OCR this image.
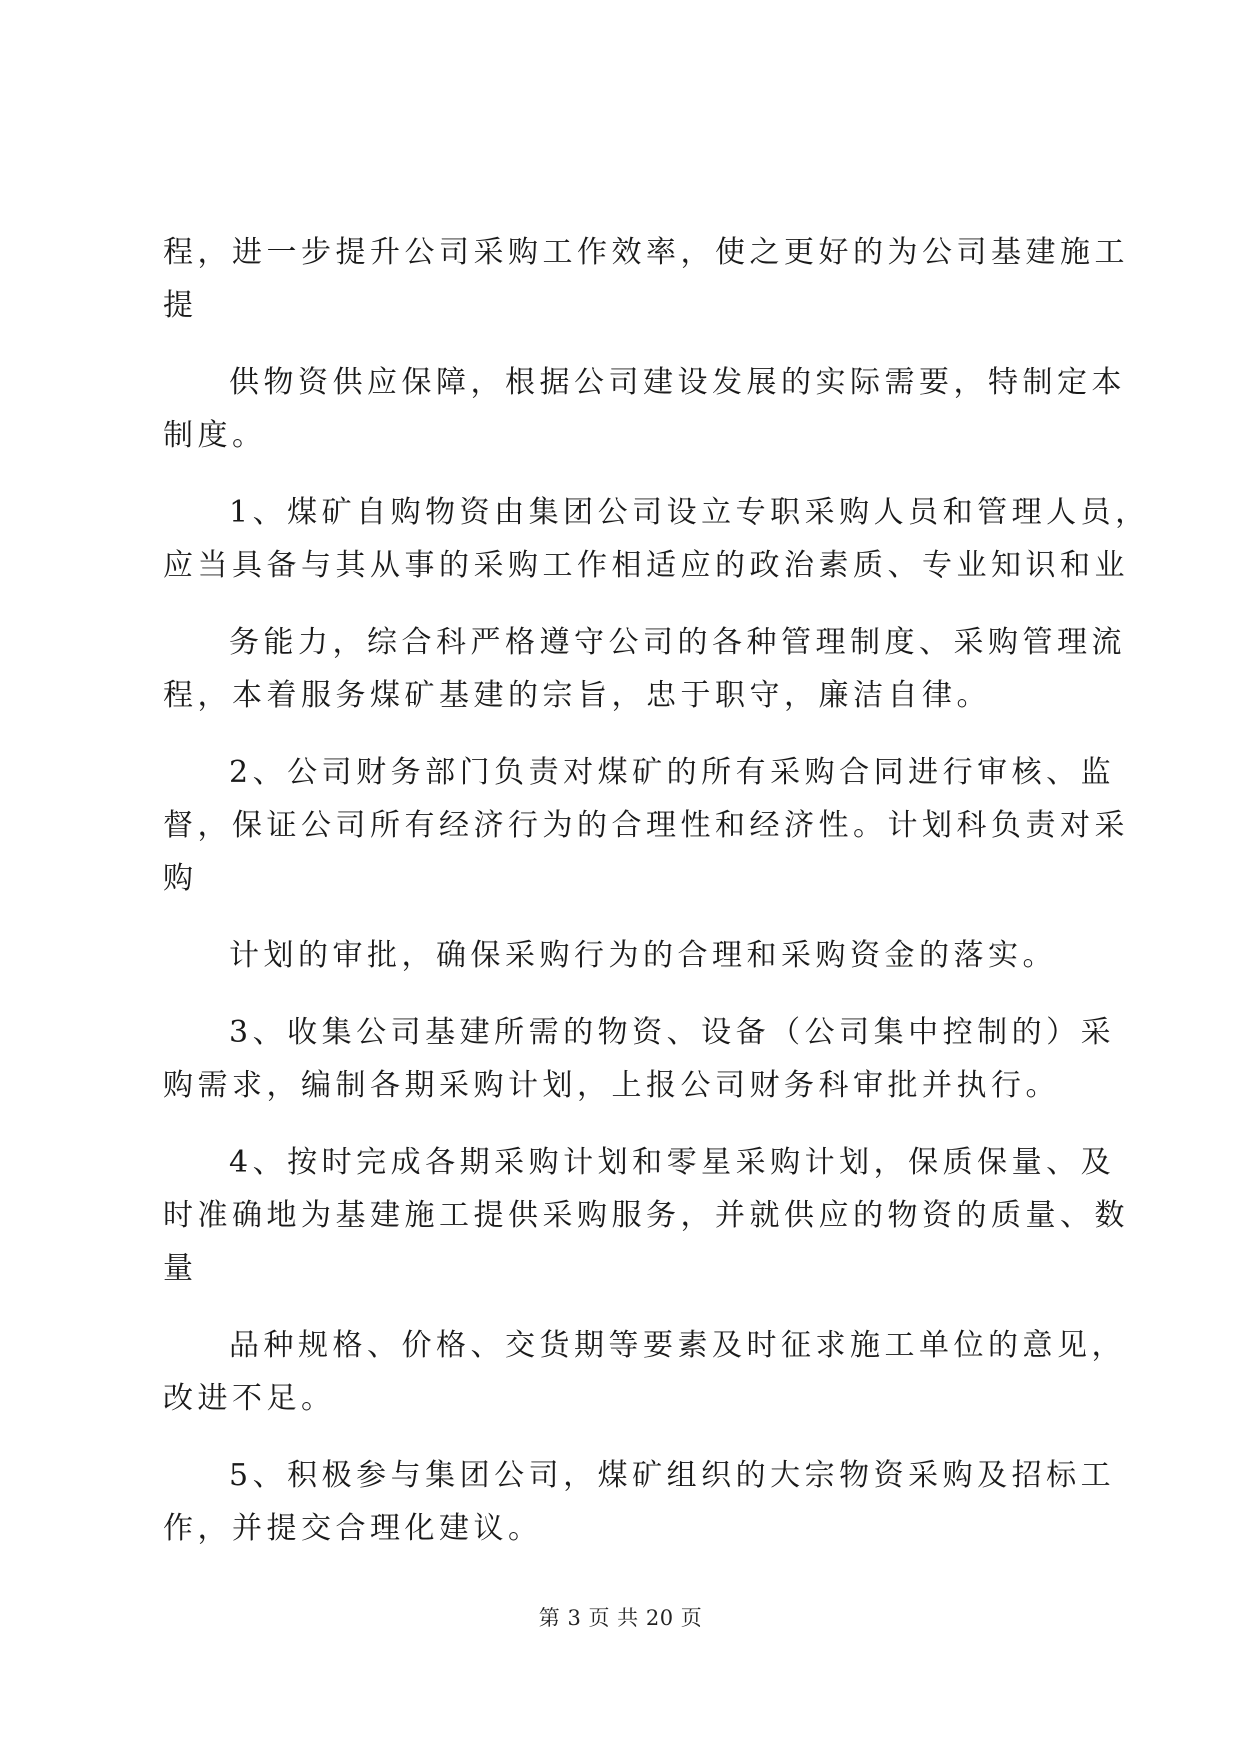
程，进一步提升公司采购工作效率，使之更好的为公司基建施工
提
供物资供应保障，根据公司建设发展的实际需要，特制定本
制度。
1、煤矿自购物资由集团公司设立专职采购人员和管理人员，
应当具备与其从事的采购工作相适应的政治素质、专业知识和业
务能力，综合科严格遵守公司的各种管理制度、采购管理流
程，本着服务煤矿基建的宗旨，忠于职守，廉洁自律。
2、公司财务部门负责对煤矿的所有采购合同进行审核、监
督，保证公司所有经济行为的合理性和经济性。计划科负责对采
购
计划的审批，确保采购行为的合理和采购资金的落实。
3、收集公司基建所需的物资、设备（公司集中控制的）采
购需求，编制各期采购计划，上报公司财务科审批并执行。
4、按时完成各期采购计划和零星采购计划，保质保量、及
时准确地为基建施工提供采购服务，并就供应的物资的质量、数
量
品种规格、价格、交货期等要素及时征求施工单位的意见，
改进不足。
5、积极参与集团公司，煤矿组织的大宗物资采购及招标工
作，并提交合理化建议。
第 3 页 共 20 页
